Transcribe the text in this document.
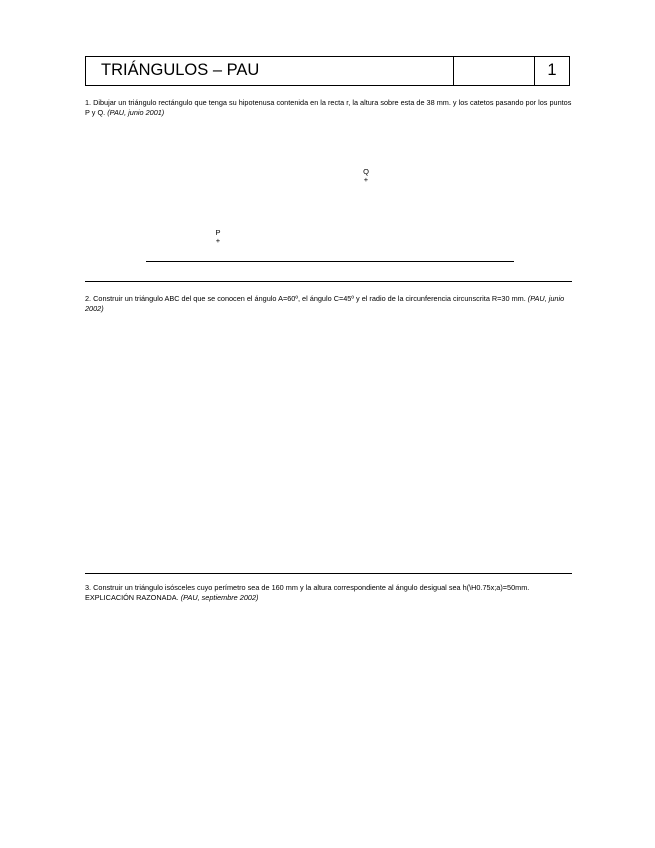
TRIÁNGULOS – PAU	1
1. Dibujar un triángulo rectángulo que tenga su hipotenusa contenida en la recta r, la altura sobre esta de 38 mm. y los catetos pasando por los puntos P y Q. (PAU, junio 2001)
Q
+
P
+
2. Construir un triángulo ABC del que se conocen el ángulo A=60º, el ángulo C=45º y el radio de la circunferencia circunscrita R=30 mm. (PAU, junio 2002)
3. Construir un triángulo isósceles cuyo perímetro sea de 160 mm y la altura correspondiente al ángulo desigual sea h(\H0.75x;a)=50mm. EXPLICACIÓN RAZONADA. (PAU, septiembre 2002)
